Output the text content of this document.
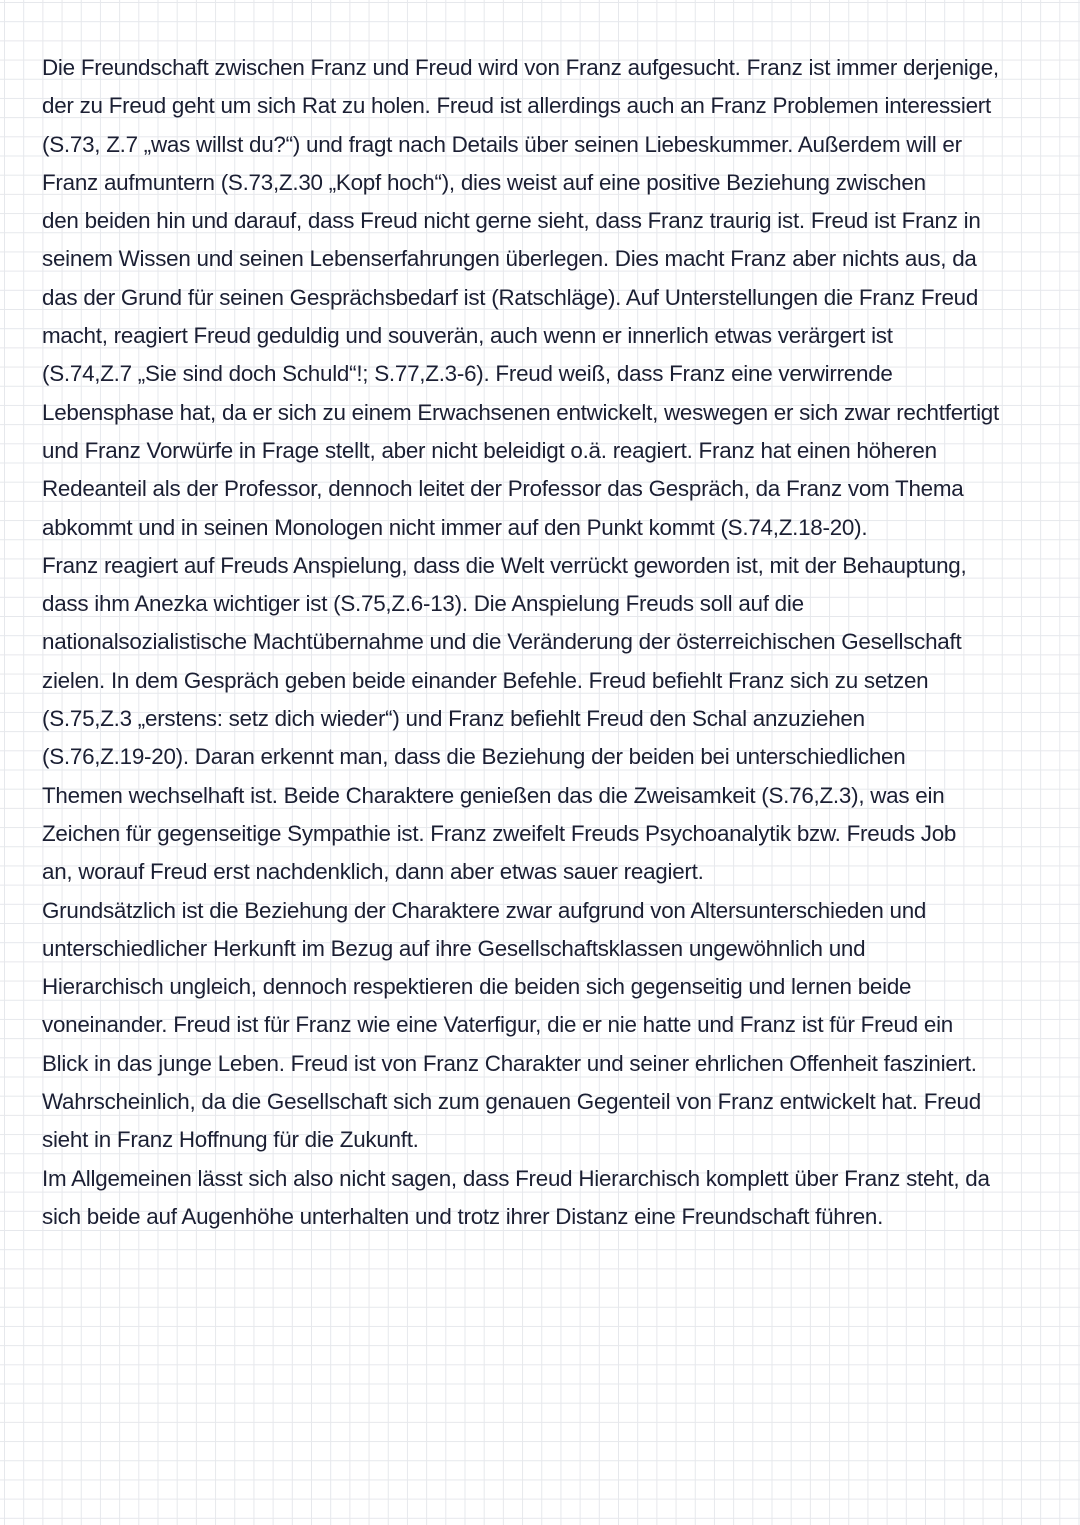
Die Freundschaft zwischen Franz und Freud wird von Franz aufgesucht. Franz ist immer derjenige,
der zu Freud geht um sich Rat zu holen. Freud ist allerdings auch an Franz Problemen interessiert
(S.73, Z.7 „was willst du?“) und fragt nach Details über seinen Liebeskummer. Außerdem will er
Franz aufmuntern (S.73,Z.30 „Kopf hoch“), dies weist auf eine positive Beziehung zwischen
den beiden hin und darauf, dass Freud nicht gerne sieht, dass Franz traurig ist. Freud ist Franz in
seinem Wissen und seinen Lebenserfahrungen überlegen. Dies macht Franz aber nichts aus, da
das der Grund für seinen Gesprächsbedarf ist (Ratschläge). Auf Unterstellungen die Franz Freud
macht, reagiert Freud geduldig und souverän, auch wenn er innerlich etwas verärgert ist
(S.74,Z.7 „Sie sind doch Schuld“!; S.77,Z.3-6). Freud weiß, dass Franz eine verwirrende
Lebensphase hat, da er sich zu einem Erwachsenen entwickelt, weswegen er sich zwar rechtfertigt
und Franz Vorwürfe in Frage stellt, aber nicht beleidigt o.ä. reagiert. Franz hat einen höheren
Redeanteil als der Professor, dennoch leitet der Professor das Gespräch, da Franz vom Thema
abkommt und in seinen Monologen nicht immer auf den Punkt kommt (S.74,Z.18-20).
Franz reagiert auf Freuds Anspielung, dass die Welt verrückt geworden ist, mit der Behauptung,
dass ihm Anezka wichtiger ist (S.75,Z.6-13). Die Anspielung Freuds soll auf die
nationalsozialistische Machtübernahme und die Veränderung der österreichischen Gesellschaft
zielen. In dem Gespräch geben beide einander Befehle. Freud befiehlt Franz sich zu setzen
(S.75,Z.3 „erstens: setz dich wieder“) und Franz befiehlt Freud den Schal anzuziehen
(S.76,Z.19-20). Daran erkennt man, dass die Beziehung der beiden bei unterschiedlichen
Themen wechselhaft ist. Beide Charaktere genießen das die Zweisamkeit (S.76,Z.3), was ein
Zeichen für gegenseitige Sympathie ist. Franz zweifelt Freuds Psychoanalytik bzw. Freuds Job
an, worauf Freud erst nachdenklich, dann aber etwas sauer reagiert.
Grundsätzlich ist die Beziehung der Charaktere zwar aufgrund von Altersunterschieden und
unterschiedlicher Herkunft im Bezug auf ihre Gesellschaftsklassen ungewöhnlich und
Hierarchisch ungleich, dennoch respektieren die beiden sich gegenseitig und lernen beide
voneinander. Freud ist für Franz wie eine Vaterfigur, die er nie hatte und Franz ist für Freud ein
Blick in das junge Leben. Freud ist von Franz Charakter und seiner ehrlichen Offenheit fasziniert.
Wahrscheinlich, da die Gesellschaft sich zum genauen Gegenteil von Franz entwickelt hat. Freud
sieht in Franz Hoffnung für die Zukunft.
Im Allgemeinen lässt sich also nicht sagen, dass Freud Hierarchisch komplett über Franz steht, da
sich beide auf Augenhöhe unterhalten und trotz ihrer Distanz eine Freundschaft führen.
